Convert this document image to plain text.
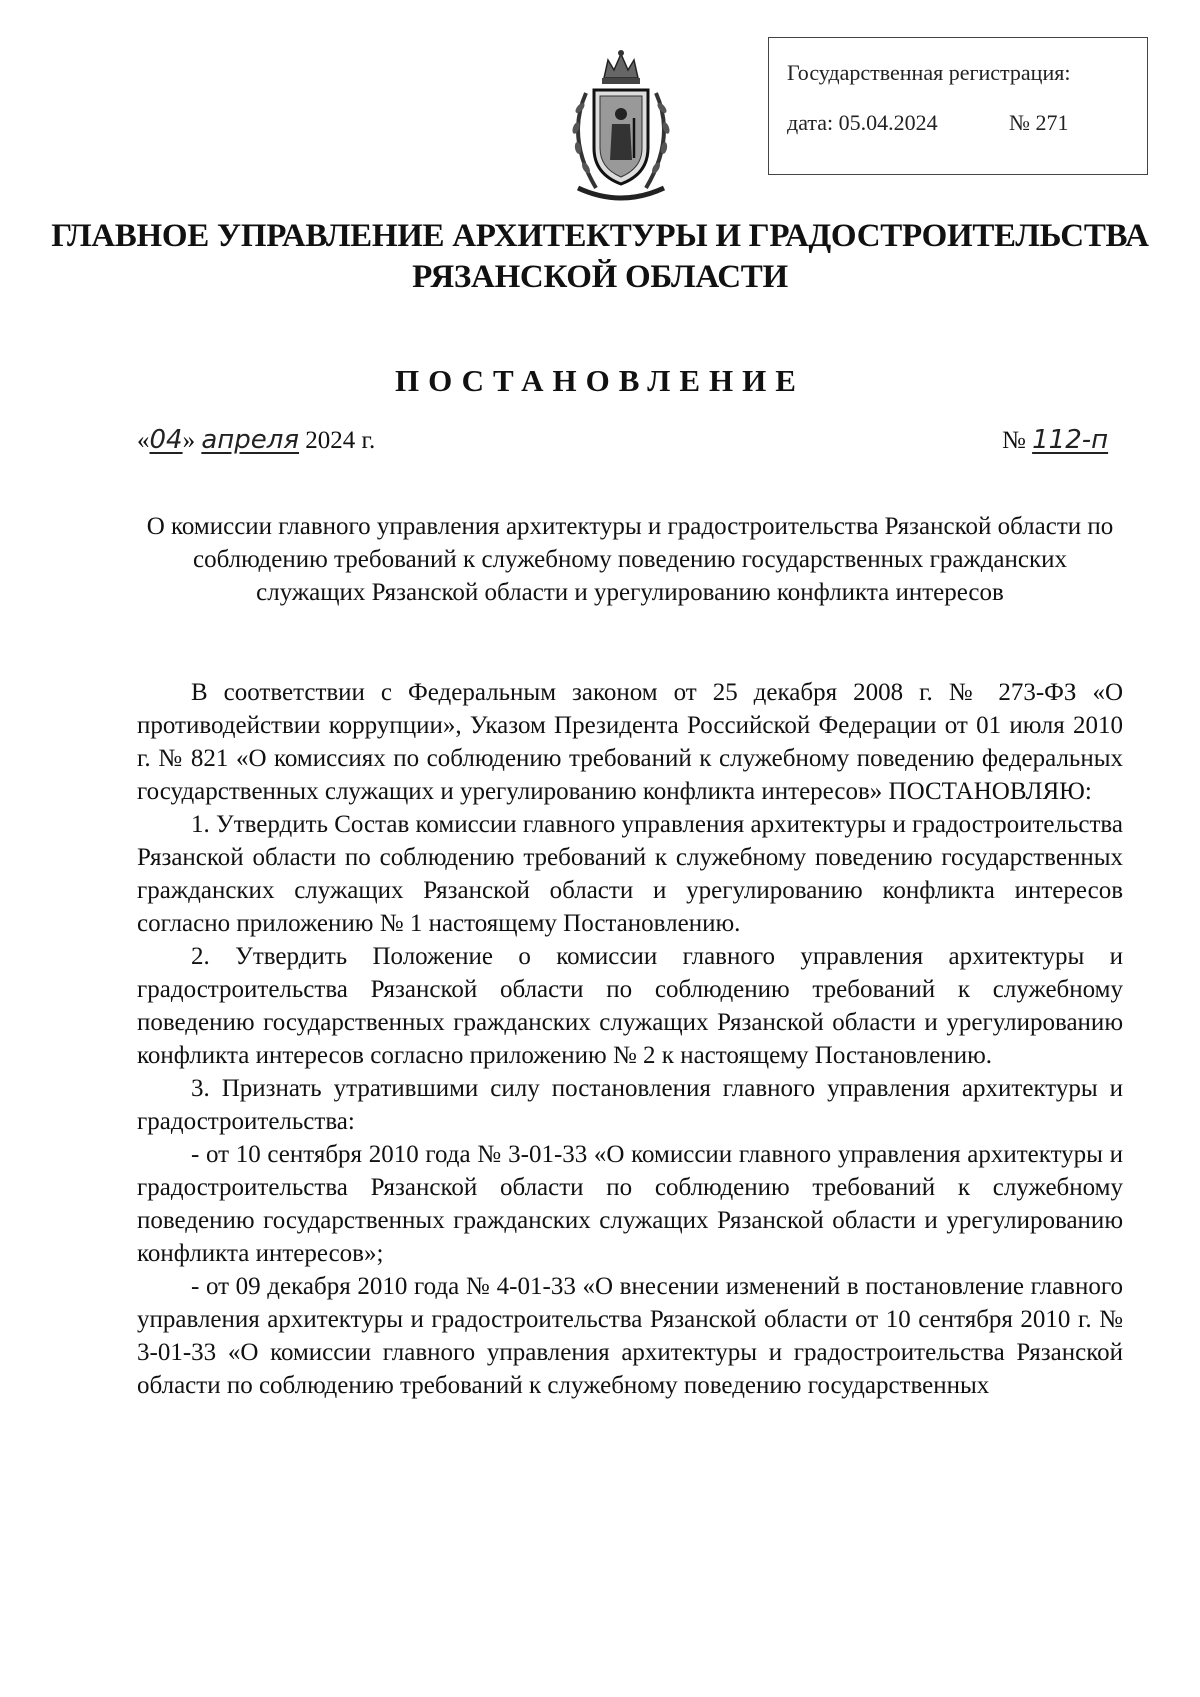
Государственная регистрация:
дата: 05.04.2024	№ 271
ГЛАВНОЕ УПРАВЛЕНИЕ АРХИТЕКТУРЫ И ГРАДОСТРОИТЕЛЬСТВА
РЯЗАНСКОЙ ОБЛАСТИ
ПОСТАНОВЛЕНИЕ
«04» апреля 2024 г.	№ 112-п
О комиссии главного управления архитектуры и градостроительства Рязанской области по соблюдению требований к служебному поведению государственных гражданских служащих Рязанской области и урегулированию конфликта интересов

В соответствии с Федеральным законом от 25 декабря 2008 г. № 273-ФЗ «О противодействии коррупции», Указом Президента Российской Федерации от 01 июля 2010 г. № 821 «О комиссиях по соблюдению требований к служебному поведению федеральных государственных служащих и урегулированию конфликта интересов» ПОСТАНОВЛЯЮ:

1. Утвердить Состав комиссии главного управления архитектуры и градостроительства Рязанской области по соблюдению требований к служебному поведению государственных гражданских служащих Рязанской области и урегулированию конфликта интересов согласно приложению № 1 настоящему Постановлению.

2. Утвердить Положение о комиссии главного управления архитектуры и градостроительства Рязанской области по соблюдению требований к служебному поведению государственных гражданских служащих Рязанской области и урегулированию конфликта интересов согласно приложению № 2 к настоящему Постановлению.

3. Признать утратившими силу постановления главного управления архитектуры и градостроительства:

- от 10 сентября 2010 года № 3-01-33 «О комиссии главного управления архитектуры и градостроительства Рязанской области по соблюдению требований к служебному поведению государственных гражданских служащих Рязанской области и урегулированию конфликта интересов»;

- от 09 декабря 2010 года № 4-01-33 «О внесении изменений в постановление главного управления архитектуры и градостроительства Рязанской области от 10 сентября 2010 г. № 3-01-33 «О комиссии главного управления архитектуры и градостроительства Рязанской области по соблюдению требований к служебному поведению государственных
